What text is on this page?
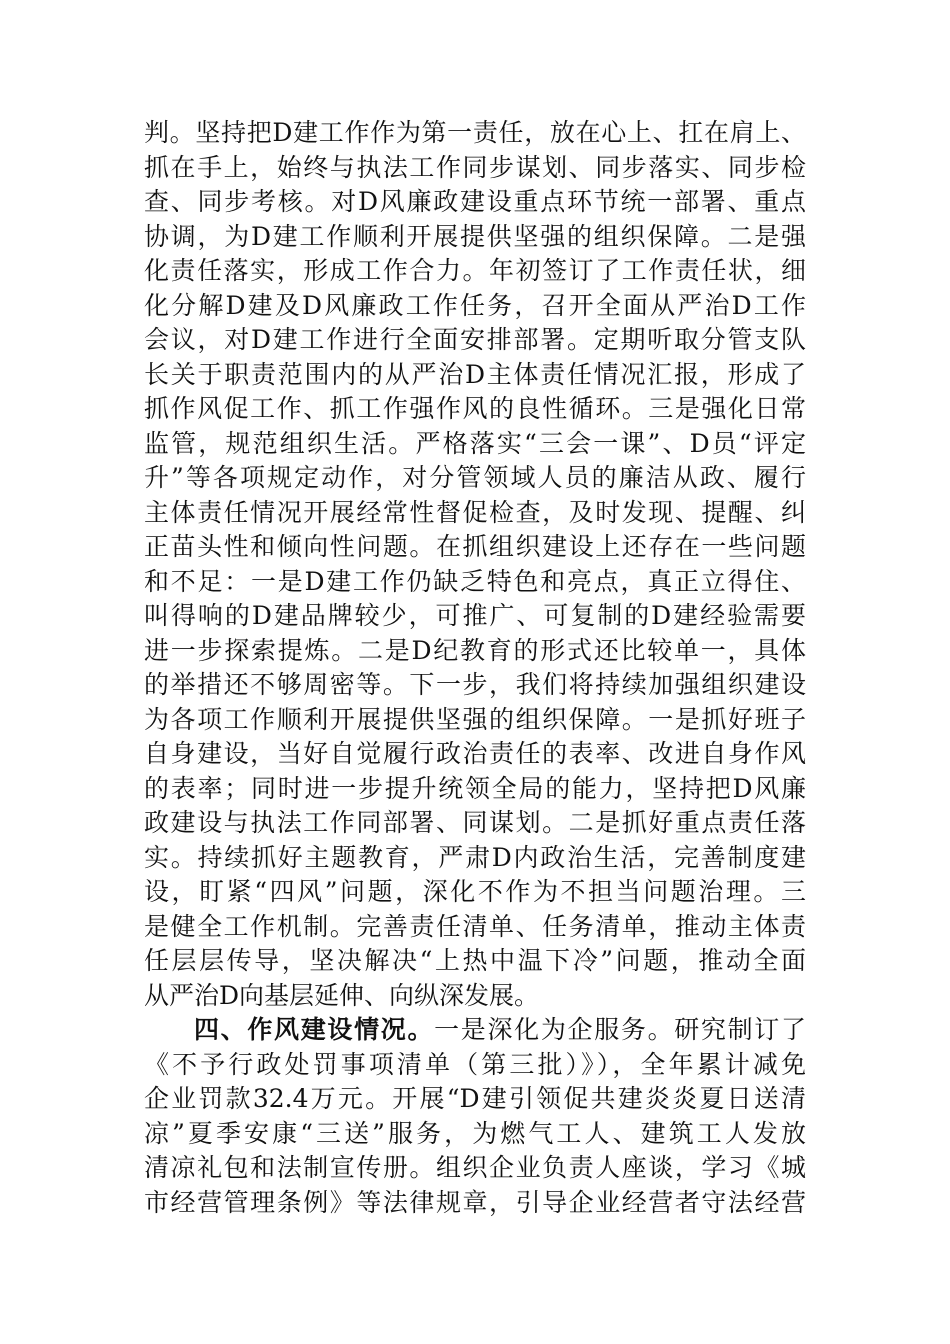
判。坚持把D建工作作为第一责任，放在心上、扛在肩上、
抓在手上，始终与执法工作同步谋划、同步落实、同步检
查、同步考核。对D风廉政建设重点环节统一部署、重点
协调，为D建工作顺利开展提供坚强的组织保障。二是强
化责任落实，形成工作合力。年初签订了工作责任状，细
化分解D建及D风廉政工作任务，召开全面从严治D工作
会议，对D建工作进行全面安排部署。定期听取分管支队
长关于职责范围内的从严治D主体责任情况汇报，形成了
抓作风促工作、抓工作强作风的良性循环。三是强化日常
监管，规范组织生活。严格落实“三会一课”、D员“评定
升”等各项规定动作，对分管领域人员的廉洁从政、履行
主体责任情况开展经常性督促检查，及时发现、提醒、纠
正苗头性和倾向性问题。在抓组织建设上还存在一些问题
和不足：一是D建工作仍缺乏特色和亮点，真正立得住、
叫得响的D建品牌较少，可推广、可复制的D建经验需要
进一步探索提炼。二是D纪教育的形式还比较单一，具体
的举措还不够周密等。下一步，我们将持续加强组织建设
为各项工作顺利开展提供坚强的组织保障。一是抓好班子
自身建设，当好自觉履行政治责任的表率、改进自身作风
的表率；同时进一步提升统领全局的能力，坚持把D风廉
政建设与执法工作同部署、同谋划。二是抓好重点责任落
实。持续抓好主题教育，严肃D内政治生活，完善制度建
设，盯紧“四风”问题，深化不作为不担当问题治理。三
是健全工作机制。完善责任清单、任务清单，推动主体责
任层层传导，坚决解决“上热中温下冷”问题，推动全面
从严治D向基层延伸、向纵深发展。
四、作风建设情况。一是深化为企服务。研究制订了
《不予行政处罚事项清单（第三批）》），全年累计减免
企业罚款32.4万元。开展“D建引领促共建炎炎夏日送清
凉”夏季安康“三送”服务，为燃气工人、建筑工人发放
清凉礼包和法制宣传册。组织企业负责人座谈，学习《城
市经营管理条例》等法律规章，引导企业经营者守法经营
